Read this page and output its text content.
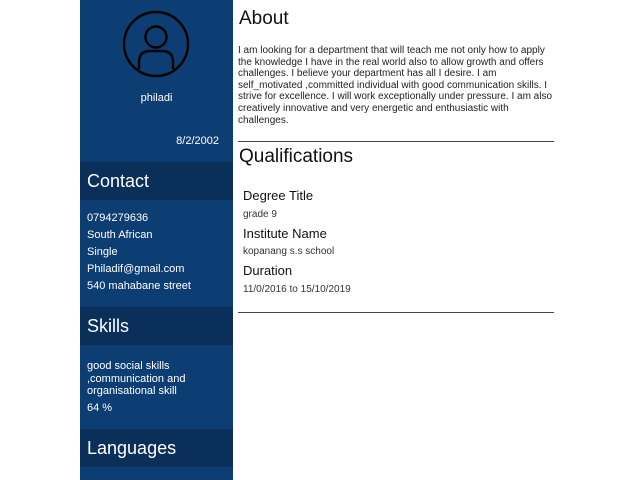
philadi
8/2/2002
Contact
0794279636
South African
Single
Philadif@gmail.com
540 mahabane street
Skills
good social skills ,communication and organisational skill
64 %
Languages
About
I am looking for a department that will teach me not only how to apply the knowledge I have in the real world also to allow growth and offers challenges. I believe your department has all I desire. I am self_motivated ,committed individual with good communication skills. I strive for excellence. I will work exceptionally under pressure. I am also creatively innovative and very energetic and enthusiastic with challenges.
Qualifications
Degree Title
grade 9
Institute Name
kopanang s.s school
Duration
11/0/2016 to 15/10/2019
